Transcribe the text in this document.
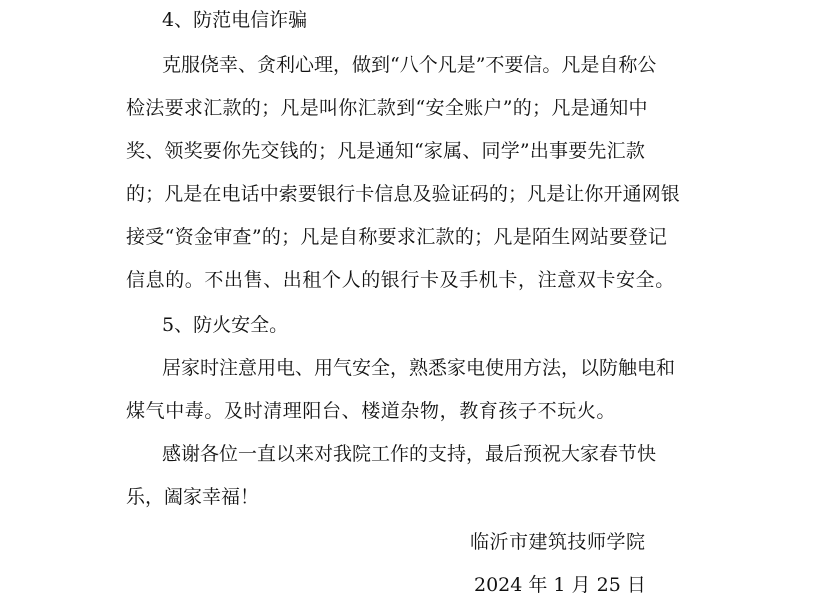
4、防范电信诈骗

克服侥幸、贪利心理，做到“八个凡是”不要信。凡是自称公

检法要求汇款的；凡是叫你汇款到“安全账户”的；凡是通知中

奖、领奖要你先交钱的；凡是通知“家属、同学”出事要先汇款

的；凡是在电话中索要银行卡信息及验证码的；凡是让你开通网银

接受“资金审查”的；凡是自称要求汇款的；凡是陌生网站要登记

信息的。不出售、出租个人的银行卡及手机卡，注意双卡安全。

5、防火安全。

居家时注意用电、用气安全，熟悉家电使用方法，以防触电和

煤气中毒。及时清理阳台、楼道杂物，教育孩子不玩火。

感谢各位一直以来对我院工作的支持，最后预祝大家春节快

乐，阖家幸福！

临沂市建筑技师学院

2024 年 1 月 25 日
